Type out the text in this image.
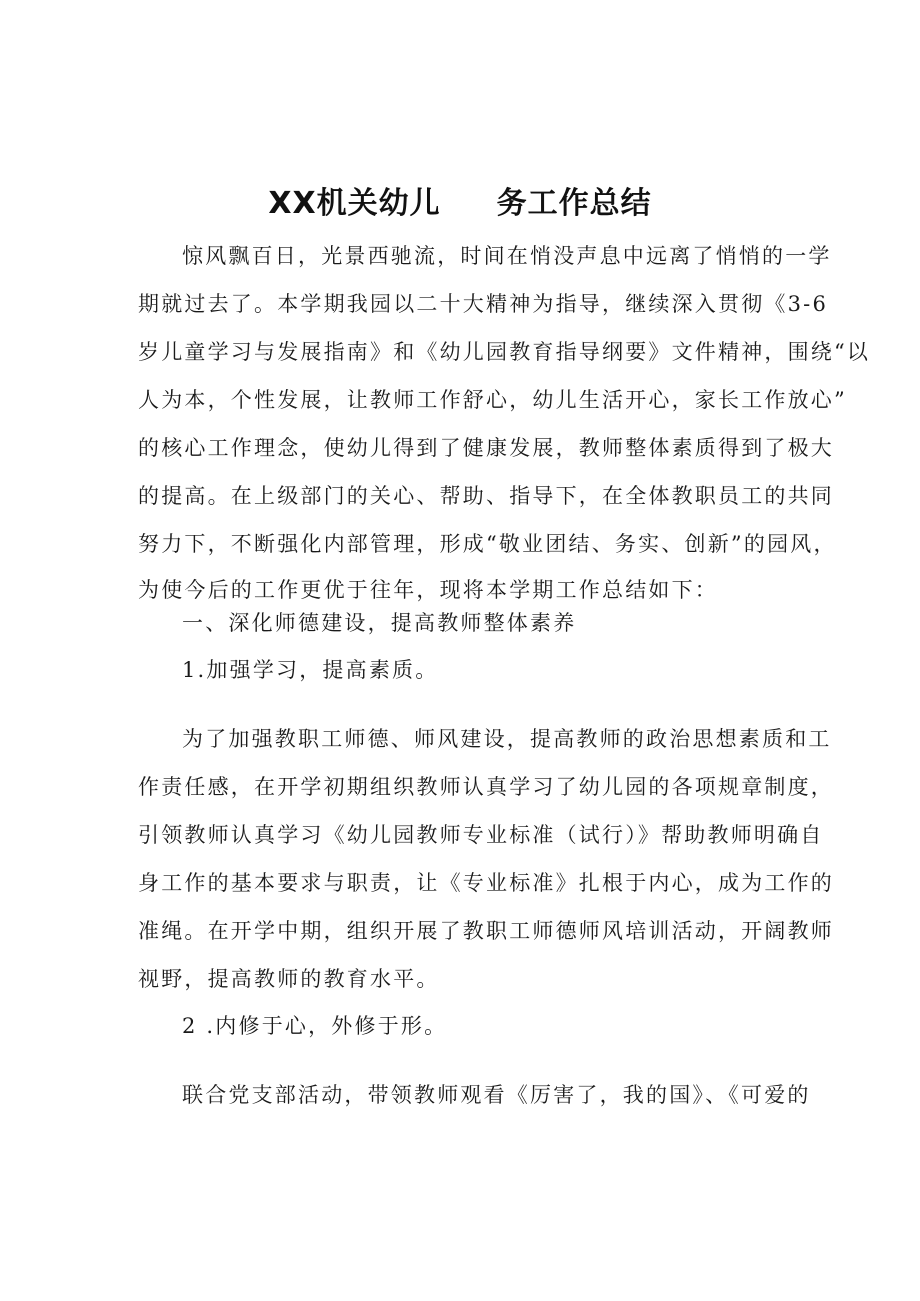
XX机关幼儿 务工作总结
惊风飘百日，光景西驰流，时间在悄没声息中远离了悄悄的一学
期就过去了。本学期我园以二十大精神为指导，继续深入贯彻《3-6
岁儿童学习与发展指南》和《幼儿园教育指导纲要》文件精神，围绕“以
人为本，个性发展，让教师工作舒心，幼儿生活开心，家长工作放心”
的核心工作理念，使幼儿得到了健康发展，教师整体素质得到了极大
的提高。在上级部门的关心、帮助、指导下，在全体教职员工的共同
努力下，不断强化内部管理，形成“敬业团结、务实、创新”的园风，
为使今后的工作更优于往年，现将本学期工作总结如下：
一、深化师德建设，提高教师整体素养
1.加强学习，提高素质。
为了加强教职工师德、师风建设，提高教师的政治思想素质和工
作责任感，在开学初期组织教师认真学习了幼儿园的各项规章制度，
引领教师认真学习《幼儿园教师专业标准（试行）》帮助教师明确自
身工作的基本要求与职责，让《专业标准》扎根于内心，成为工作的
准绳。在开学中期，组织开展了教职工师德师风培训活动，开阔教师
视野，提高教师的教育水平。
2 .内修于心，外修于形。
联合党支部活动，带领教师观看《厉害了，我的国》、《可爱的
